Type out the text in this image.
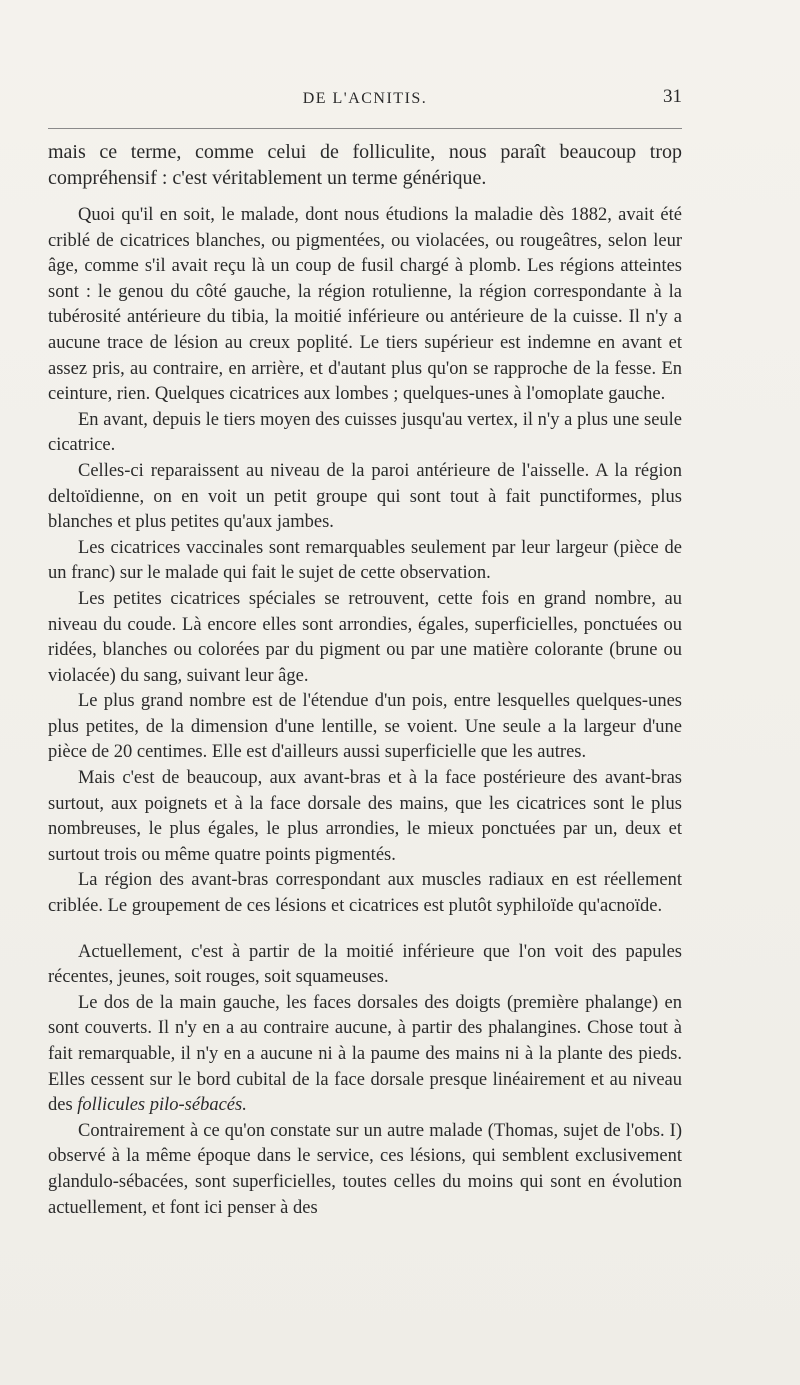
DE L'ACNITIS.	31

mais ce terme, comme celui de folliculite, nous paraît beaucoup trop compréhensif : c'est véritablement un terme générique.

Quoi qu'il en soit, le malade, dont nous étudions la maladie dès 1882, avait été criblé de cicatrices blanches, ou pigmentées, ou violacées, ou rougeâtres, selon leur âge, comme s'il avait reçu là un coup de fusil chargé à plomb. Les régions atteintes sont : le genou du côté gauche, la région rotulienne, la région correspondante à la tubérosité antérieure du tibia, la moitié inférieure ou antérieure de la cuisse. Il n'y a aucune trace de lésion au creux poplité. Le tiers supérieur est indemne en avant et assez pris, au contraire, en arrière, et d'autant plus qu'on se rapproche de la fesse. En ceinture, rien. Quelques cicatrices aux lombes ; quelques-unes à l'omoplate gauche.

En avant, depuis le tiers moyen des cuisses jusqu'au vertex, il n'y a plus une seule cicatrice.

Celles-ci reparaissent au niveau de la paroi antérieure de l'aisselle. A la région deltoïdienne, on en voit un petit groupe qui sont tout à fait punctiformes, plus blanches et plus petites qu'aux jambes.

Les cicatrices vaccinales sont remarquables seulement par leur largeur (pièce de un franc) sur le malade qui fait le sujet de cette observation.

Les petites cicatrices spéciales se retrouvent, cette fois en grand nombre, au niveau du coude. Là encore elles sont arrondies, égales, superficielles, ponctuées ou ridées, blanches ou colorées par du pigment ou par une matière colorante (brune ou violacée) du sang, suivant leur âge.

Le plus grand nombre est de l'étendue d'un pois, entre lesquelles quelques-unes plus petites, de la dimension d'une lentille, se voient. Une seule a la largeur d'une pièce de 20 centimes. Elle est d'ailleurs aussi superficielle que les autres.

Mais c'est de beaucoup, aux avant-bras et à la face postérieure des avant-bras surtout, aux poignets et à la face dorsale des mains, que les cicatrices sont le plus nombreuses, le plus égales, le plus arrondies, le mieux ponctuées par un, deux et surtout trois ou même quatre points pigmentés.

La région des avant-bras correspondant aux muscles radiaux en est réellement criblée. Le groupement de ces lésions et cicatrices est plutôt syphiloïde qu'acnoïde.

Actuellement, c'est à partir de la moitié inférieure que l'on voit des papules récentes, jeunes, soit rouges, soit squameuses.

Le dos de la main gauche, les faces dorsales des doigts (première phalange) en sont couverts. Il n'y en a au contraire aucune, à partir des phalangines. Chose tout à fait remarquable, il n'y en a aucune ni à la paume des mains ni à la plante des pieds. Elles cessent sur le bord cubital de la face dorsale presque linéairement et au niveau des follicules pilo-sébacés.

Contrairement à ce qu'on constate sur un autre malade (Thomas, sujet de l'obs. I) observé à la même époque dans le service, ces lésions, qui semblent exclusivement glandulo-sébacées, sont superficielles, toutes celles du moins qui sont en évolution actuellement, et font ici penser à des
